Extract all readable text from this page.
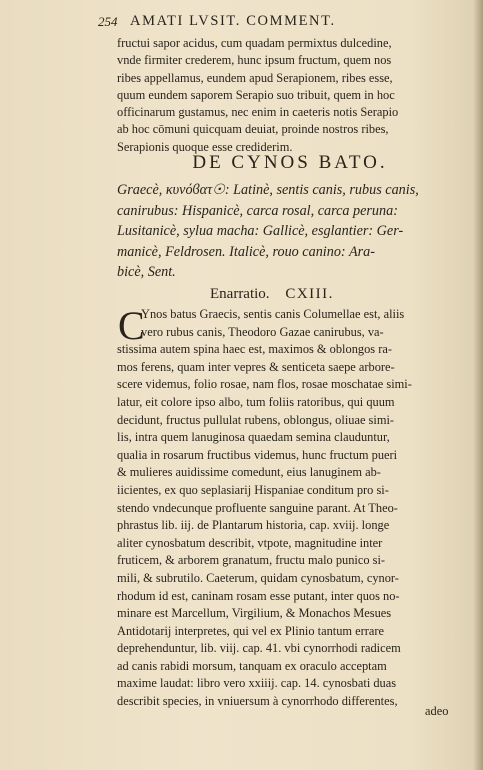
254 AMATI LVSIT. COMMENT.
fructui sapor acidus, cum quadam permixtus dulcedine,
vnde firmiter crederem, hunc ipsum fructum, quem nos
ribes appellamus, eundem apud Serapionem, ribes esse,
quum eundem saporem Serapio suo tribuit, quem in hoc
officinarum gustamus, nec enim in caeteris notis Serapio
ab hoc cōmuni quicquam deuiat, proinde nostros ribes,
Serapionis quoque esse crediderim.
DE CYNOS BATO.
Graecè, κυνόϐατ☉: Latinè, sentis canis, rubus canis,
canirubus: Hispanicè, carca rosal, carca peruna:
Lusitanicè, sylua macha: Gallicè, esglantier: Ger-
manicè, Feldrosen. Italicè, rouo canino: Ara-
bicè, Sent.
Enarratio. CXIII.
C
Ynos batus Graecis, sentis canis Columellae est, aliis
vero rubus canis, Theodoro Gazae canirubus, va-
stissima autem spina haec est, maximos & oblongos ra-
mos ferens, quam inter vepres & senticeta saepe arbore-
scere videmus, folio rosae, nam flos, rosae moschatae simi-
latur, eit colore ipso albo, tum foliis ratoribus, qui quum
decidunt, fructus pullulat rubens, oblongus, oliuae simi-
lis, intra quem lanuginosa quaedam semina clauduntur,
qualia in rosarum fructibus videmus, hunc fructum pueri
& mulieres auidissime comedunt, eius lanuginem ab-
iicientes, ex quo seplasiarij Hispaniae conditum pro si-
stendo vndecunque profluente sanguine parant. At Theo-
phrastus lib. iij. de Plantarum historia, cap. xviij. longe
aliter cynosbatum describit, vtpote, magnitudine inter
fruticem, & arborem granatum, fructu malo punico si-
mili, & subrutilo. Caeterum, quidam cynosbatum, cynor-
rhodum id est, caninam rosam esse putant, inter quos no-
minare est Marcellum, Virgilium, & Monachos Mesues
Antidotarij interpretes, qui vel ex Plinio tantum errare
deprehenduntur, lib. viij. cap. 41. vbi cynorrhodi radicem
ad canis rabidi morsum, tanquam ex oraculo acceptam
maxime laudat: libro vero xxiiij. cap. 14. cynosbati duas
describit species, in vniuersum à cynorrhodo differentes,
adeo
